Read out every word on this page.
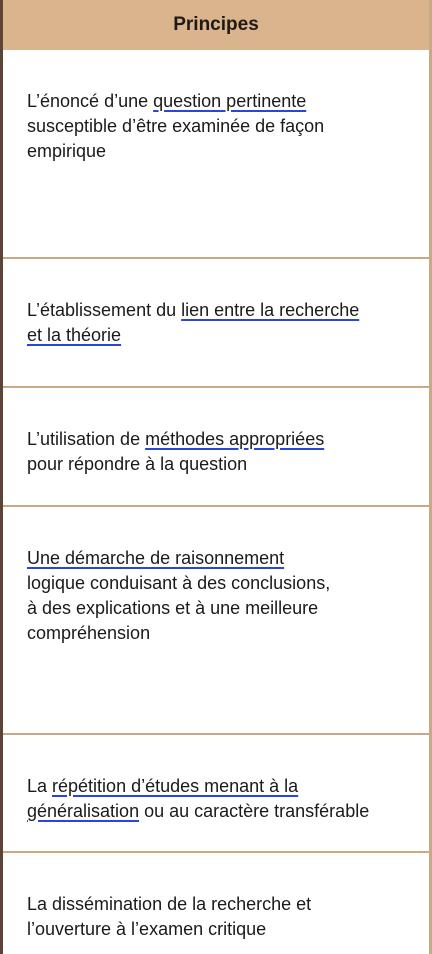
Principes

L’énoncé d’une question pertinente
susceptible d’être examinée de façon
empirique

L’établissement du lien entre la recherche
et la théorie

L’utilisation de méthodes appropriées
pour répondre à la question

Une démarche de raisonnement
logique conduisant à des conclusions,
à des explications et à une meilleure
compréhension

La répétition d’études menant à la
généralisation ou au caractère transférable

La dissémination de la recherche et
l’ouverture à l’examen critique
